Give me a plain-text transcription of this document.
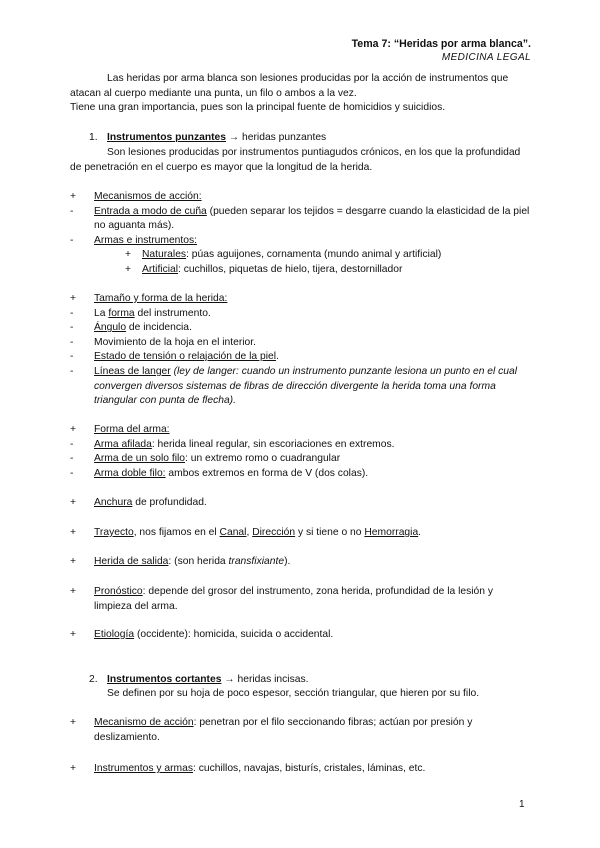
Tema 7: “Heridas por arma blanca”.
MEDICINA LEGAL
Las heridas por arma blanca son lesiones producidas por la acción de instrumentos que atacan al cuerpo mediante una punta, un filo o ambos a la vez.
Tiene una gran importancia, pues son la principal fuente de homicidios y suicidios.
1. Instrumentos punzantes → heridas punzantes
Son lesiones producidas por instrumentos puntiagudos crónicos, en los que la profundidad de penetración en el cuerpo es mayor que la longitud de la herida.
+	Mecanismos de acción:
-	Entrada a modo de cuña (pueden separar los tejidos = desgarre cuando la elasticidad de la piel no aguanta más).
-	Armas e instrumentos:
+	Naturales: púas aguijones, cornamenta (mundo animal y artificial)
+	Artificial: cuchillos, piquetas de hielo, tijera, destornillador
+	Tamaño y forma de la herida:
-	La forma del instrumento.
-	Ángulo de incidencia.
-	Movimiento de la hoja en el interior.
-	Estado de tensión o relajación de la piel.
-	Líneas de langer (ley de langer: cuando un instrumento punzante lesiona un punto en el cual convergen diversos sistemas de fibras de dirección divergente la herida toma una forma triangular con punta de flecha).
+	Forma del arma:
-	Arma afilada: herida lineal regular, sin escoriaciones en extremos.
-	Arma de un solo filo: un extremo romo o cuadrangular
-	Arma doble filo: ambos extremos en forma de V (dos colas).
+	Anchura de profundidad.
+	Trayecto, nos fijamos en el Canal, Dirección y si tiene o no Hemorragia.
+	Herida de salida: (son herida transfixiante).
+	Pronóstico: depende del grosor del instrumento, zona herida, profundidad de la lesión y limpieza del arma.
+	Etiología (occidente): homicida, suicida o accidental.
2. Instrumentos cortantes → heridas incisas.
Se definen por su hoja de poco espesor, sección triangular, que hieren por su filo.
+	Mecanismo de acción: penetran por el filo seccionando fibras; actúan por presión y deslizamiento.
+	Instrumentos y armas: cuchillos, navajas, bisturís, cristales, láminas, etc.
1
